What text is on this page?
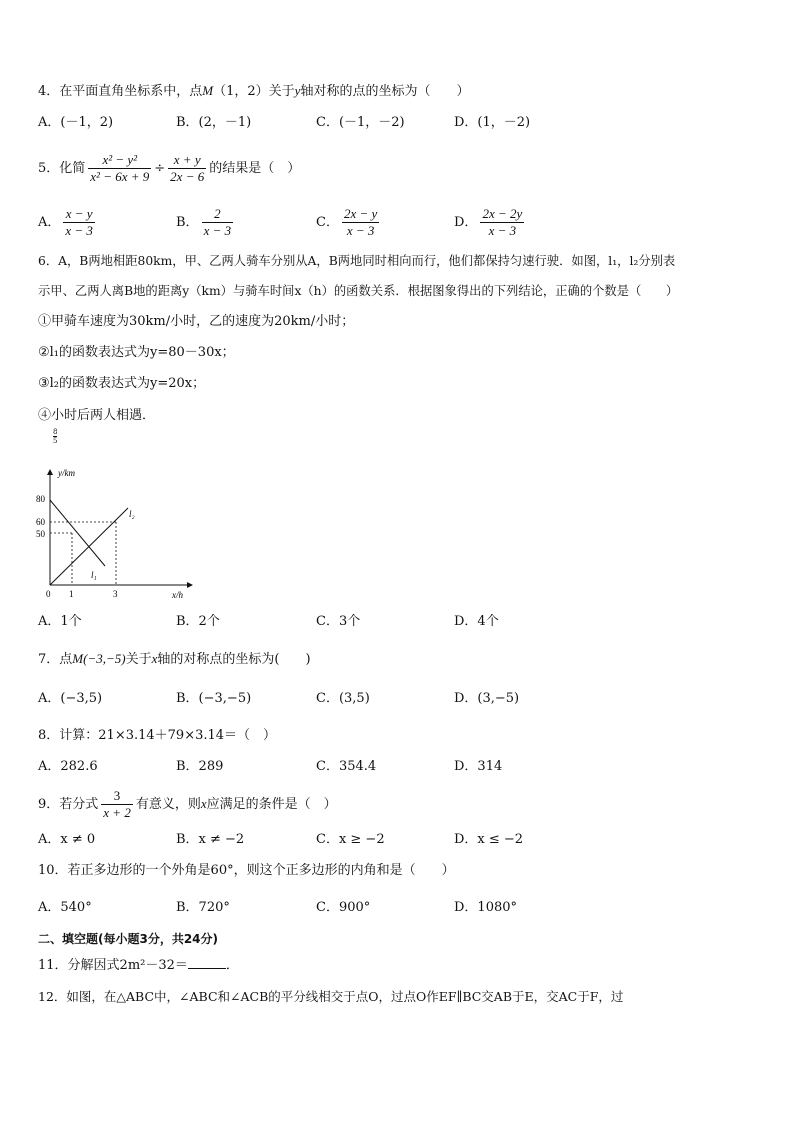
4．在平面直角坐标系中，点M（1，2）关于y轴对称的点的坐标为（　　）
A．(－1，2)	B．(2，－1)	C．(－1，－2)	D．(1，－2)
5．化简 $\frac{\text{x² − y²}}{\text{x² − 6x + 9}} \div \frac{x + y}{2x - 6}$ 的结果是（　）
A． $\frac{x - y}{x - 3}$	B． $\frac{2}{x - 3}$	C． $\frac{2x - y}{x - 3}$	D． $\frac{2x - 2y}{x - 3}$
6．A，B两地相距80km，甲、乙两人骑车分别从A，B两地同时相向而行，他们都保持匀速行驶．如图，l₁，l₂分别表
示甲、乙两人离B地的距离y（km）与骑车时间x（h）的函数关系．根据图象得出的下列结论，正确的个数是（　　）
①甲骑车速度为30km/小时，乙的速度为20km/小时；
②l₁的函数表达式为y=80－30x；
③l₂的函数表达式为y=20x；
④小时后两人相遇．
$\frac{8}{5}$
y/km
x/h
80
60
50
0 1	3
l₁
l₂
A．1个	B．2个	C．3个	D．4个
7．点M(−3,−5)关于x轴的对称点的坐标为(　　)
A．(−3,5)	B．(−3,−5)	C．(3,5)	D．(3,−5)
8．计算：21×3.14＋79×3.14＝（　）
A．282.6	B．289	C．354.4	D．314
9．若分式 $\frac{3}{x + 2}$ 有意义，则x应满足的条件是（　）
A．x ≠ 0	B．x ≠ −2	C．x ≥ −2	D．x ≤ −2
10．若正多边形的一个外角是60°，则这个正多边形的内角和是（　　）
A．540°	B．720°	C．900°	D．1080°
二、填空题(每小题3分，共24分)
11．分解因式2m²－32＝	．
12．如图，在△ABC中，∠ABC和∠ACB的平分线相交于点O，过点O作EF∥BC交AB于E，交AC于F，过
